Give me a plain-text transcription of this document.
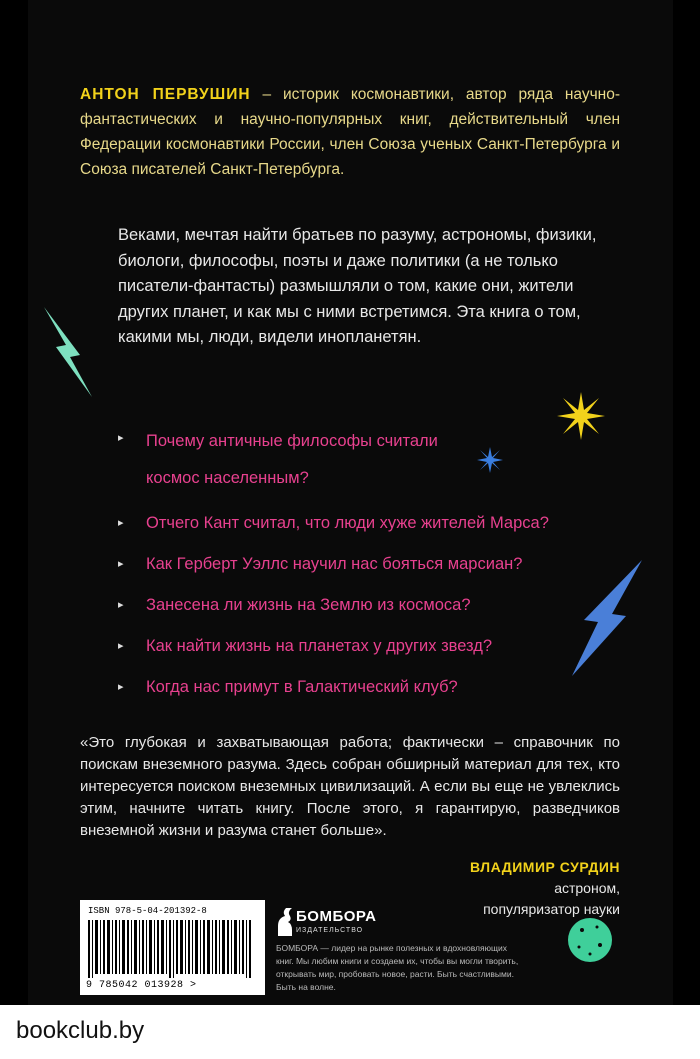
АНТОН ПЕРВУШИН – историк космонавтики, автор ряда научно-фантастических и научно-популярных книг, действительный член Федерации космонавтики России, член Союза ученых Санкт-Петербурга и Союза писателей Санкт-Петербурга.
Веками, мечтая найти братьев по разуму, астрономы, физики, биологи, философы, поэты и даже политики (а не только писатели-фантасты) размышляли о том, какие они, жители других планет, и как мы с ними встретимся. Эта книга о том, какими мы, люди, видели инопланетян.
▸ Почему античные философы считали космос населенным?
▸ Отчего Кант считал, что люди хуже жителей Марса?
▸ Как Герберт Уэллс научил нас бояться марсиан?
▸ Занесена ли жизнь на Землю из космоса?
▸ Как найти жизнь на планетах у других звезд?
▸ Когда нас примут в Галактический клуб?
«Это глубокая и захватывающая работа; фактически – справочник по поискам внеземного разума. Здесь собран обширный материал для тех, кто интересуется поиском внеземных цивилизаций. А если вы еще не увлеклись этим, начните читать книгу. После этого, я гарантирую, разведчиков внеземной жизни и разума станет больше».
ВЛАДИМИР СУРДИН
астроном,
популяризатор науки
ISBN 978-5-04-201392-8
9 785042 013928 >
БОМБОРА
ИЗДАТЕЛЬСТВО
БОМБОРА — лидер на рынке полезных и вдохновляющих книг. Мы любим книги и создаем их, чтобы вы могли творить, открывать мир, пробовать новое, расти. Быть счастливыми. Быть на волне.
bookclub.by
